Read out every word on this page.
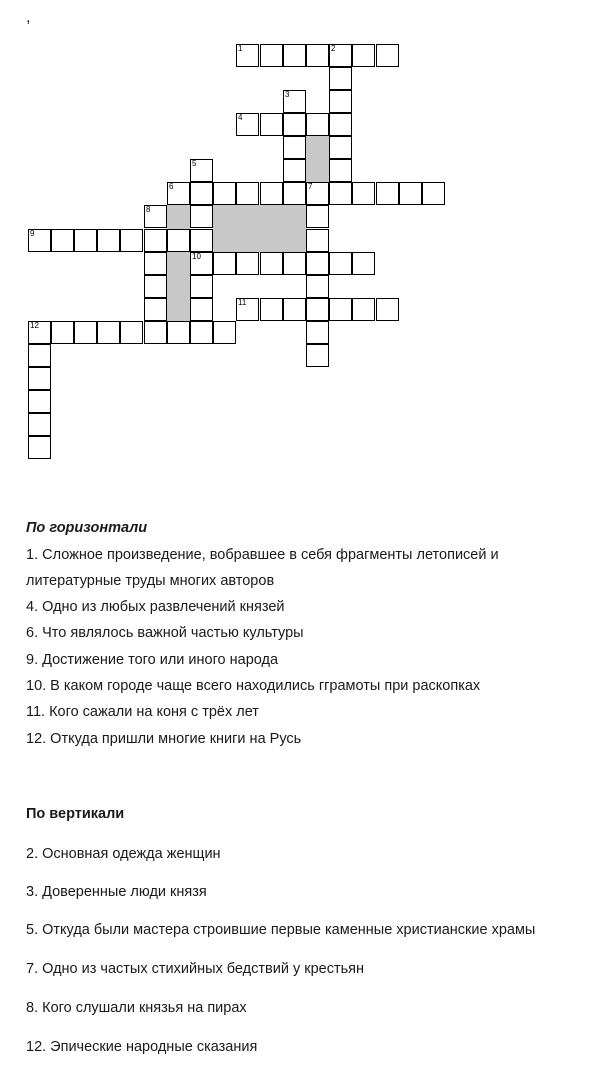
,
1	2
3
4
5
6	7
8
9
10
11
12
По горизонтали
1. Сложное произведение, вобравшее в себя фрагменты летописей и
литературные труды многих авторов
4. Одно из любых развлечений князей
6. Что являлось важной частью культуры
9. Достижение того или иного народа
10. В каком городе чаще всего находились ггрaмоты при раскопках
11. Кого сажали на коня с трёх лет
12. Откуда пришли многие книги на Русь
По вертикали
2. Основная одежда женщин
3. Доверенные люди князя
5. Откуда были мастера строившие первые каменные христианские храмы
7. Одно из частых стихийных бедствий у крестьян
8. Кого слушали князья на пирах
12. Эпические народные сказания
